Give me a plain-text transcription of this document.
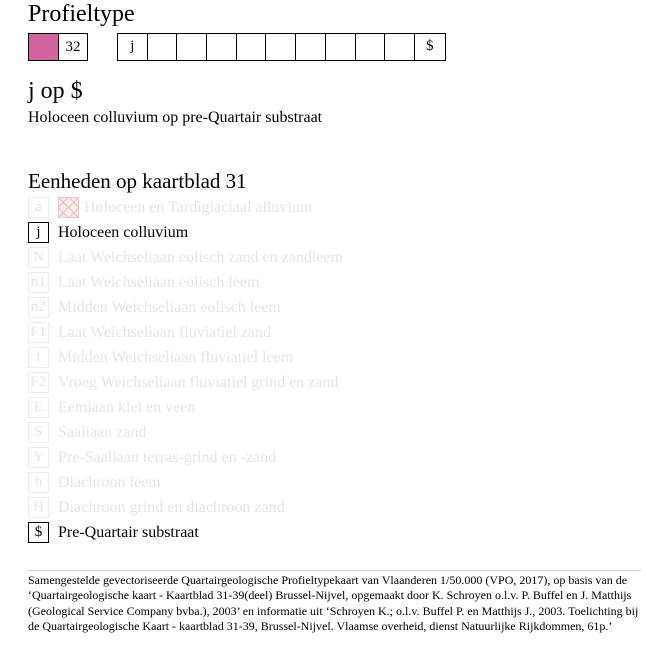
Profieltype
32	j	$
j op $
Holoceen colluvium op pre-Quartair substraat
Eenheden op kaartblad 31
a	Holoceen en Tardiglaciaal alluvium
j	Holoceen colluvium
N Laat Weichseliaan eolisch zand en zandleem
n1 Laat Weichseliaan eolisch leem
n2 Midden Weichseliaan eolisch leem
F1 Laat Weichseliaan fluviatiel zand
f	Midden Weichseliaan fluviatiel leem
F2 Vroeg Weichseliaan fluviatiel grind en zand
E Eemiaan klei en veen
S Saaliaan zand
Y Pre-Saaliaan terras-grind en -zand
h Diachroon leem
H Diachroon grind en diachroon zand
$ Pre-Quartair substraat
Samengestelde gevectoriseerde Quartairgeologische Profieltypekaart van Vlaanderen 1/50.000 (VPO, 2017), op basis van de ‘Quartairgeologische kaart - Kaartblad 31-39(deel) Brussel-Nijvel, opgemaakt door K. Schroyen o.l.v. P. Buffel en J. Matthijs (Geological Service Company bvba.), 2003’ en informatie uit ‘Schroyen K.; o.l.v. Buffel P. en Matthijs J., 2003. Toelichting bij de Quartairgeologische Kaart - kaartblad 31-39, Brussel-Nijvel. Vlaamse overheid, dienst Natuurlijke Rijkdommen, 61p.’
